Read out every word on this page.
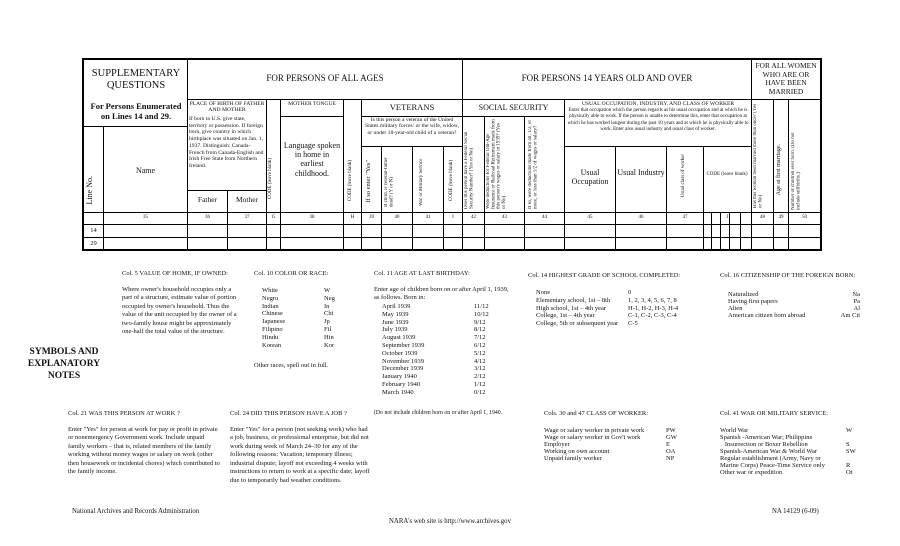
SUPPLEMENTARY QUESTIONS
FOR PERSONS OF ALL AGES	FOR PERSONS 14 YEARS OLD AND OVER
FOR ALL WOMEN WHO ARE OR HAVE BEEN MARRIED
For Persons Enumerated on Lines 14 and 29.
Line No.
Name
PLACE OF BIRTH OF FATHER AND MOTHER
If born in U.S. give state, territory or possession. If foreign born, give country in which birthplace was situated on Jan. 1, 1937. Distinguish: Canada-French from Canada-English and Irish Free State from Northern Ireland.
Father	Mother
CODE (leave blank)
MOTHER TONGUE
Language spoken in home in earliest childhood.	CODE (leave blank)
VETERANS
Is this person a veteran of the United States military forces: or the wife, widow, or under 18-year-old child of a veteran?
If so enter "Yes" If child, is veteran-father dead? (Y or N)	War or Military Service	CODE (leave blank)
SOCIAL SECURITY
Does this person have a Federal Social Security Number? (Yes or No)	Were deductions for Federal Old-Age Insurance or Railroad Retirement made from this person's wages or salary in 1939? (Yes or No)	If so, were deductions made from all, 1/2, or more, or less than 1/2 of wages or salary?
USUAL OCCUPATION, INDUSTRY, AND CLASS OF WORKER
Enter that occupation which the person regards as his usual occupation and at which he is physically able to work. If the person is unable to determine this, enter that occupation at which he has worked longest during the past 10 years and at which he is physically able to work. Enter also usual industry and usual class of worker.
Usual Occupation
Usual Industry	Usual class of worker	CODE (leave blank) Has this woman been married more than once? (Yes or No)
Age at first marriage. Number of children ever born. (Do not include stillbirths.)
35	36	37	G	38	H	39	40	41	I	42	43	44	45	46	47	J	48	49	50
14
29
SYMBOLS AND EXPLANATORY NOTES
Col. 5 VALUE OF HOME, IF OWNED:
Where owner's household occupies only a part of a structure, estimate value of portion occupied by owner's household. Thus the value of the unit occupied by the owner of a two-family house might be approximately one-half the total value of the structure.
Col. 10 COLOR OR RACE:
White	W
Negro	Neg
Indian	In
Chinese	Chi
Japanese	Jp
Filipino	Fil
Hindu	Hin
Korean	Kor
Other races, spell out in full.
Col. 11 AGE AT LAST BIRTHDAY:
Enter age of children born on or after April 1, 1939, as follows. Born in:
April 1939	11/12
May 1939	10/12
June 1939	9/12
July 1939	8/12
August 1939	7/12
September 1939	6/12
October 1939	5/12
November 1939	4/12
December 1939	3/12
January 1940	2/12
February 1940	1/12
March 1940	0/12
(Do not include children born on or after April 1, 1940.
Col. 14 HIGHEST GRADE OF SCHOOL COMPLETED:
None	0
Elementary school, 1st – 8th	1, 2, 3, 4, 5, 6, 7, 8
High school, 1st – 4th year	H-1, H-2, H-3, H-4
College, 1st – 4th year	C-1, C-2, C-3, C-4
College, 5th or subsequent year	C-5
Col. 16 CITIZENSHIP OF THE FOREIGN BORN:
Naturalized	Na
Having first papers	Pa
Alien	Al
American citizen born abroad	Am Cit
Col. 21 WAS THIS PERSON AT WORK ?
Enter "Yes" for person at work for pay or profit in private or nonemergency Government work. Include unpaid family workers – that is, related members of the family working without money wages or salary on work (other then housework or incidental chores) which contributed to the family income.
Col. 24 DID THIS PERSON HAVE A JOB ?
Enter "Yes" for a person (not seeking work) who had a job, business, or professional enterprise, but did not work during week of March 24–30 for any of the following reasons: Vacation; temporary illness; industrial dispute; layoff not exceeding 4 weeks with instructions to return to work at a specific date; layoff due to temporarily bad weather conditions.
Cols. 30 and 47 CLASS OF WORKER:
Wage or salary worker in private work	PW
Wage or salary worker in Gov't work	GW
Employer	E
Working on own account	OA
Unpaid family worker	NP
Col. 41 WAR OR MILITARY SERVICE:
World War	W
Spanish -American War; Philippine
Insurrection or Boxer Rebellion	S
Spanish-American War & World War	SW
Regular establishment (Army, Navy or
Marine Corps) Peace-Time Service only	R
Other war or expedition	Ot
National Archives and Records Administration
NARA's web site is http://www.archives.gov
NA 14129 (6-09)
